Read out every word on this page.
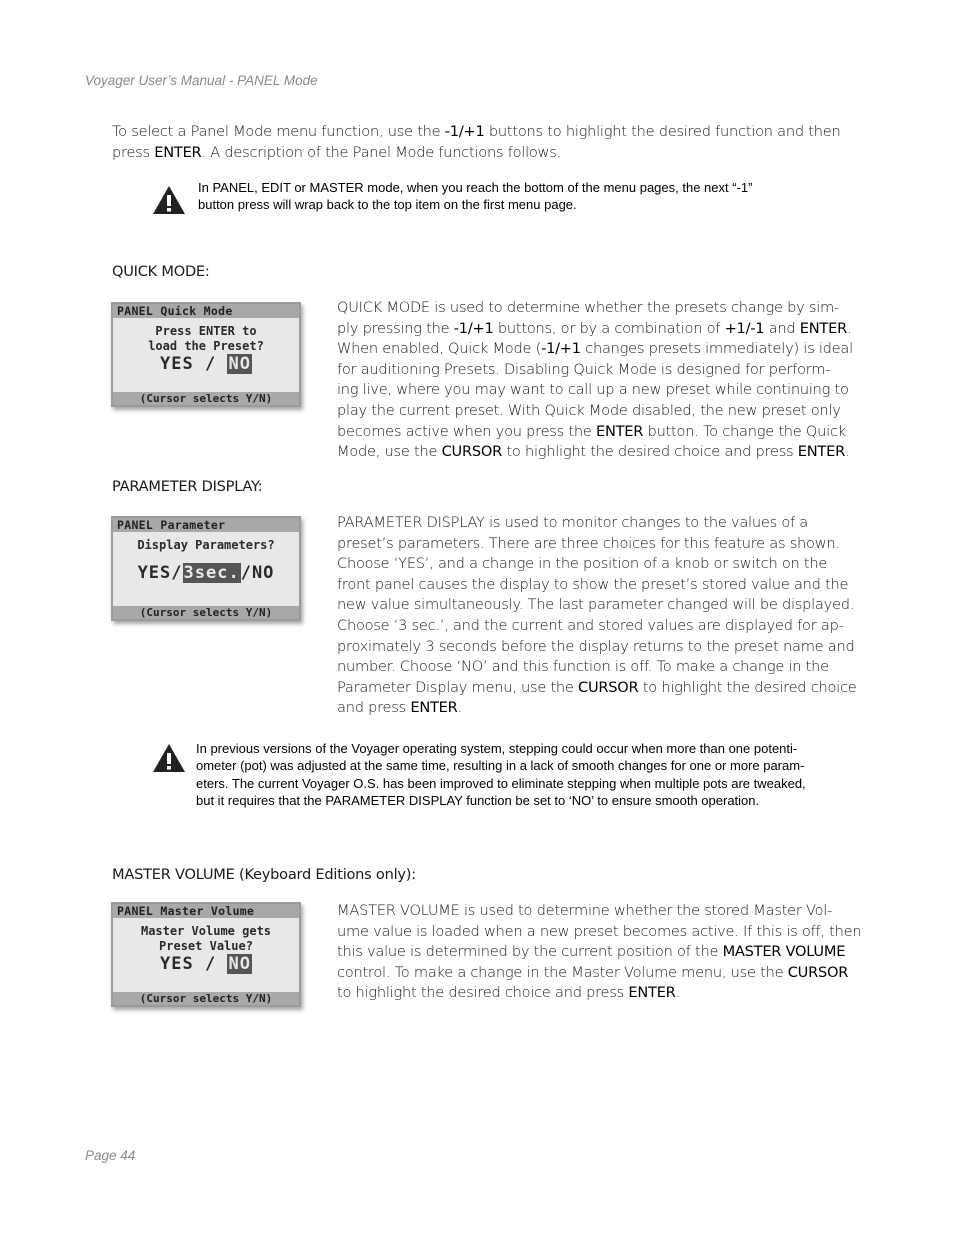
Voyager User’s Manual - PANEL Mode
To select a Panel Mode menu function, use the -1/+1 buttons to highlight the desired function and then
press ENTER. A description of the Panel Mode functions follows.
In PANEL, EDIT or MASTER mode, when you reach the bottom of the menu pages, the next “-1”
button press will wrap back to the top item on the first menu page.
QUICK MODE:
PANEL Quick Mode
Press ENTER to
load the Preset?
YES / NO
(Cursor selects Y/N)
QUICK MODE is used to determine whether the presets change by sim-
ply pressing the -1/+1 buttons, or by a combination of +1/-1 and ENTER.
When enabled, Quick Mode (-1/+1 changes presets immediately) is ideal
for auditioning Presets. Disabling Quick Mode is designed for perform-
ing live, where you may want to call up a new preset while continuing to
play the current preset. With Quick Mode disabled, the new preset only
becomes active when you press the ENTER button. To change the Quick
Mode, use the CURSOR to highlight the desired choice and press ENTER.
PARAMETER DISPLAY:
PANEL Parameter
Display Parameters?
YES/3sec./NO
(Cursor selects Y/N)
PARAMETER DISPLAY is used to monitor changes to the values of a
preset’s parameters. There are three choices for this feature as shown.
Choose ‘YES’, and a change in the position of a knob or switch on the
front panel causes the display to show the preset’s stored value and the
new value simultaneously. The last parameter changed will be displayed.
Choose ‘3 sec.’, and the current and stored values are displayed for ap-
proximately 3 seconds before the display returns to the preset name and
number. Choose ‘NO’ and this function is off. To make a change in the
Parameter Display menu, use the CURSOR to highlight the desired choice
and press ENTER.
In previous versions of the Voyager operating system, stepping could occur when more than one potenti-
ometer (pot) was adjusted at the same time, resulting in a lack of smooth changes for one or more param-
eters. The current Voyager O.S. has been improved to eliminate stepping when multiple pots are tweaked,
but it requires that the PARAMETER DISPLAY function be set to ‘NO’ to ensure smooth operation.
MASTER VOLUME (Keyboard Editions only):
PANEL Master Volume
Master Volume gets
Preset Value?
YES / NO
(Cursor selects Y/N)
MASTER VOLUME is used to determine whether the stored Master Vol-
ume value is loaded when a new preset becomes active. If this is off, then
this value is determined by the current position of the MASTER VOLUME
control. To make a change in the Master Volume menu, use the CURSOR
to highlight the desired choice and press ENTER.
Page 44
